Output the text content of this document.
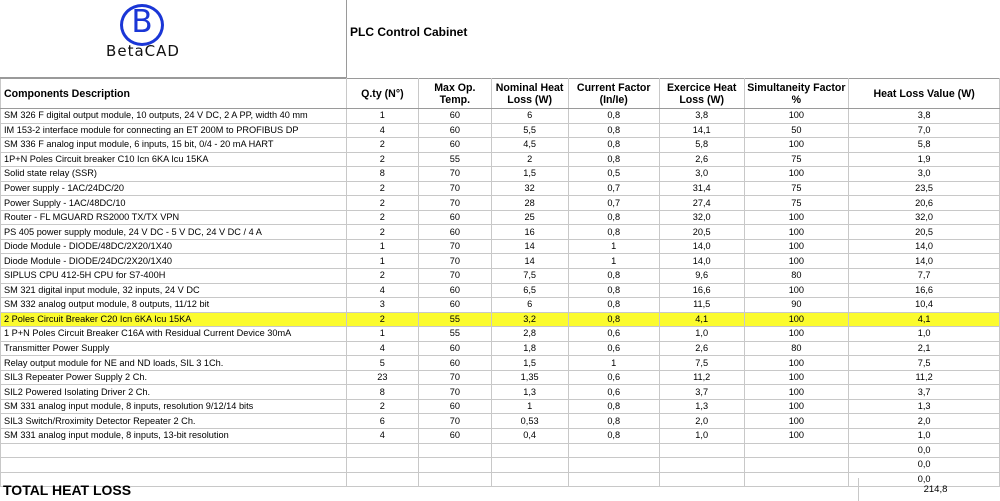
B
BetaCAD
PLC Control Cabinet
Components Description	Q.ty (N°)	Max Op. Temp.	Nominal Heat Loss (W)	Current Factor (In/Ie)	Exercice Heat Loss (W)	Simultaneity Factor %	Heat Loss Value (W)
SM 326 F digital output module, 10 outputs, 24 V DC, 2 A PP, width 40 mm	1	60	6	0,8	3,8	100	3,8
IM 153-2 interface module for connecting an ET 200M to PROFIBUS DP	4	60	5,5	0,8	14,1	50	7,0
SM 336 F analog input module, 6 inputs, 15 bit, 0/4 - 20 mA HART	2	60	4,5	0,8	5,8	100	5,8
1P+N Poles Circuit breaker C10 Icn 6KA Icu 15KA	2	55	2	0,8	2,6	75	1,9
Solid state relay (SSR)	8	70	1,5	0,5	3,0	100	3,0
Power supply - 1AC/24DC/20	2	70	32	0,7	31,4	75	23,5
Power Supply - 1AC/48DC/10	2	70	28	0,7	27,4	75	20,6
Router - FL MGUARD RS2000 TX/TX VPN	2	60	25	0,8	32,0	100	32,0
PS 405 power supply module, 24 V DC - 5 V DC, 24 V DC / 4 A	2	60	16	0,8	20,5	100	20,5
Diode Module - DIODE/48DC/2X20/1X40	1	70	14	1	14,0	100	14,0
Diode Module - DIODE/24DC/2X20/1X40	1	70	14	1	14,0	100	14,0
SIPLUS CPU 412-5H CPU for S7-400H	2	70	7,5	0,8	9,6	80	7,7
SM 321 digital input module, 32 inputs, 24 V DC	4	60	6,5	0,8	16,6	100	16,6
SM 332 analog output module, 8 outputs, 11/12 bit	3	60	6	0,8	11,5	90	10,4
2 Poles Circuit Breaker C20 Icn 6KA Icu 15KA	2	55	3,2	0,8	4,1	100	4,1
1 P+N Poles Circuit Breaker C16A with Residual Current Device 30mA	1	55	2,8	0,6	1,0	100	1,0
Transmitter Power Supply	4	60	1,8	0,6	2,6	80	2,1
Relay output module for NE and ND loads, SIL 3 1Ch.	5	60	1,5	1	7,5	100	7,5
SIL3 Repeater Power Supply 2 Ch.	23	70	1,35	0,6	11,2	100	11,2
SIL2 Powered Isolating Driver 2 Ch.	8	70	1,3	0,6	3,7	100	3,7
SM 331 analog input module, 8 inputs, resolution 9/12/14 bits	2	60	1	0,8	1,3	100	1,3
SIL3 Switch/Rroximity Detector Repeater 2 Ch.	6	70	0,53	0,8	2,0	100	2,0
SM 331 analog input module, 8 inputs, 13-bit resolution	4	60	0,4	0,8	1,0	100	1,0
							0,0
							0,0
							0,0
TOTAL HEAT LOSS	214,8
